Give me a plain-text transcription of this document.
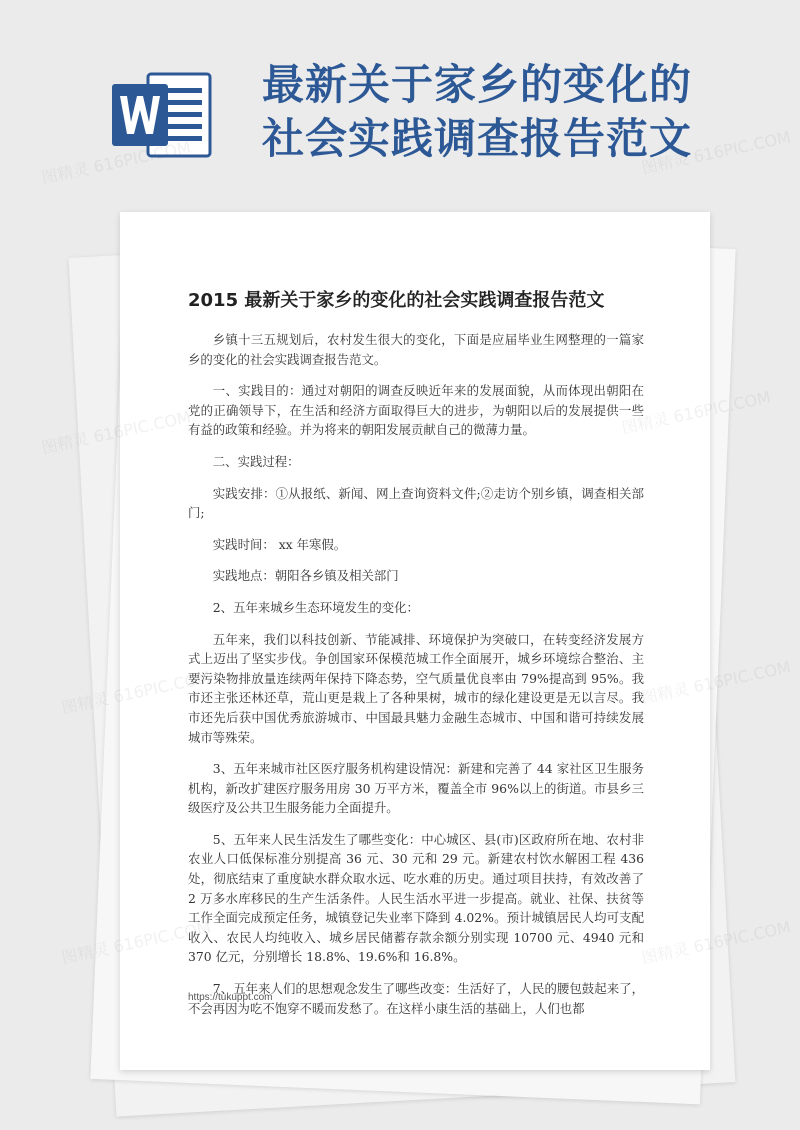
最新关于家乡的变化的
社会实践调查报告范文
2015 最新关于家乡的变化的社会实践调查报告范文

乡镇十三五规划后，农村发生很大的变化，下面是应届毕业生网整理的一篇家乡的变化的社会实践调查报告范文。

一、实践目的：通过对朝阳的调查反映近年来的发展面貌，从而体现出朝阳在党的正确领导下，在生活和经济方面取得巨大的进步，为朝阳以后的发展提供一些有益的政策和经验。并为将来的朝阳发展贡献自己的微薄力量。

二、实践过程：

实践安排：①从报纸、新闻、网上查询资料文件;②走访个别乡镇，调查相关部门;

实践时间： xx 年寒假。

实践地点：朝阳各乡镇及相关部门

2、五年来城乡生态环境发生的变化：

五年来，我们以科技创新、节能减排、环境保护为突破口，在转变经济发展方式上迈出了坚实步伐。争创国家环保模范城工作全面展开，城乡环境综合整治、主要污染物排放量连续两年保持下降态势，空气质量优良率由 79%提高到 95%。我市还主张还林还草，荒山更是栽上了各种果树，城市的绿化建设更是无以言尽。我市还先后获中国优秀旅游城市、中国最具魅力金融生态城市、中国和谐可持续发展城市等殊荣。

3、五年来城市社区医疗服务机构建设情况：新建和完善了 44 家社区卫生服务机构，新改扩建医疗服务用房 30 万平方米，覆盖全市 96%以上的街道。市县乡三级医疗及公共卫生服务能力全面提升。

5、五年来人民生活发生了哪些变化：中心城区、县(市)区政府所在地、农村非农业人口低保标准分别提高 36 元、30 元和 29 元。新建农村饮水解困工程 436 处，彻底结束了重度缺水群众取水远、吃水难的历史。通过项目扶持，有效改善了 2 万多水库移民的生产生活条件。人民生活水平进一步提高。就业、社保、扶贫等工作全面完成预定任务，城镇登记失业率下降到 4.02%。预计城镇居民人均可支配收入、农民人均纯收入、城乡居民储蓄存款余额分别实现 10700 元、4940 元和 370 亿元，分别增长 18.8%、19.6%和 16.8%。

7、五年来人们的思想观念发生了哪些改变：生活好了，人民的腰包鼓起来了，不会再因为吃不饱穿不暖而发愁了。在这样小康生活的基础上，人们也都

https://tukuppt.com
图精灵 616PIC.COM	图精灵 616PIC.COM
图精灵
图精灵
616PIC.COM
图精灵	616PIC.COM
